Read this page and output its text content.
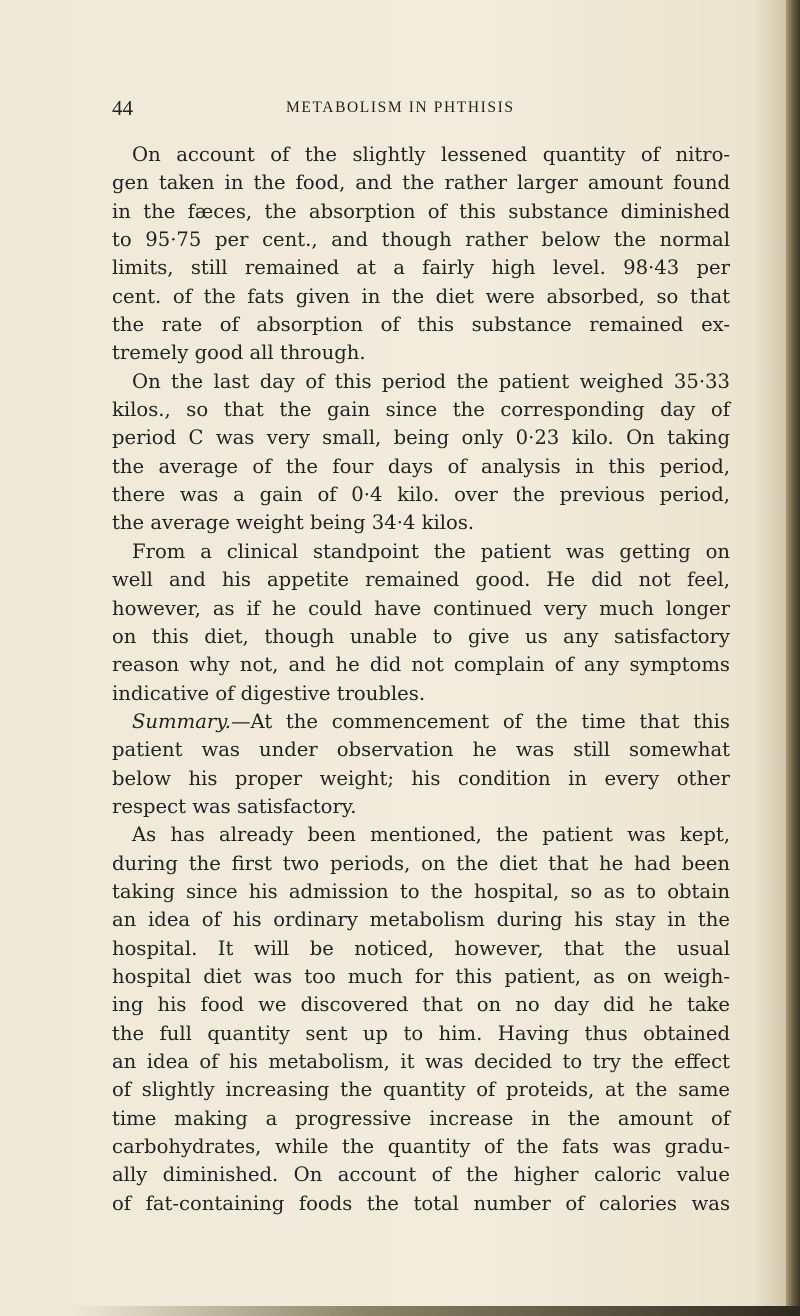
44	METABOLISM IN PHTHISIS
On account of the slightly lessened quantity of nitro-
gen taken in the food, and the rather larger amount found
in the fæces, the absorption of this substance diminished
to 95·75 per cent., and though rather below the normal
limits, still remained at a fairly high level. 98·43 per
cent. of the fats given in the diet were absorbed, so that
the rate of absorption of this substance remained ex-
tremely good all through.
On the last day of this period the patient weighed 35·33
kilos., so that the gain since the corresponding day of
period C was very small, being only 0·23 kilo. On taking
the average of the four days of analysis in this period,
there was a gain of 0·4 kilo. over the previous period,
the average weight being 34·4 kilos.
From a clinical standpoint the patient was getting on
well and his appetite remained good. He did not feel,
however, as if he could have continued very much longer
on this diet, though unable to give us any satisfactory
reason why not, and he did not complain of any symptoms
indicative of digestive troubles.
Summary.—At the commencement of the time that this
patient was under observation he was still somewhat
below his proper weight; his condition in every other
respect was satisfactory.
As has already been mentioned, the patient was kept,
during the first two periods, on the diet that he had been
taking since his admission to the hospital, so as to obtain
an idea of his ordinary metabolism during his stay in the
hospital. It will be noticed, however, that the usual
hospital diet was too much for this patient, as on weigh-
ing his food we discovered that on no day did he take
the full quantity sent up to him. Having thus obtained
an idea of his metabolism, it was decided to try the effect
of slightly increasing the quantity of proteids, at the same
time making a progressive increase in the amount of
carbohydrates, while the quantity of the fats was gradu-
ally diminished. On account of the higher caloric value
of fat-containing foods the total number of calories was
